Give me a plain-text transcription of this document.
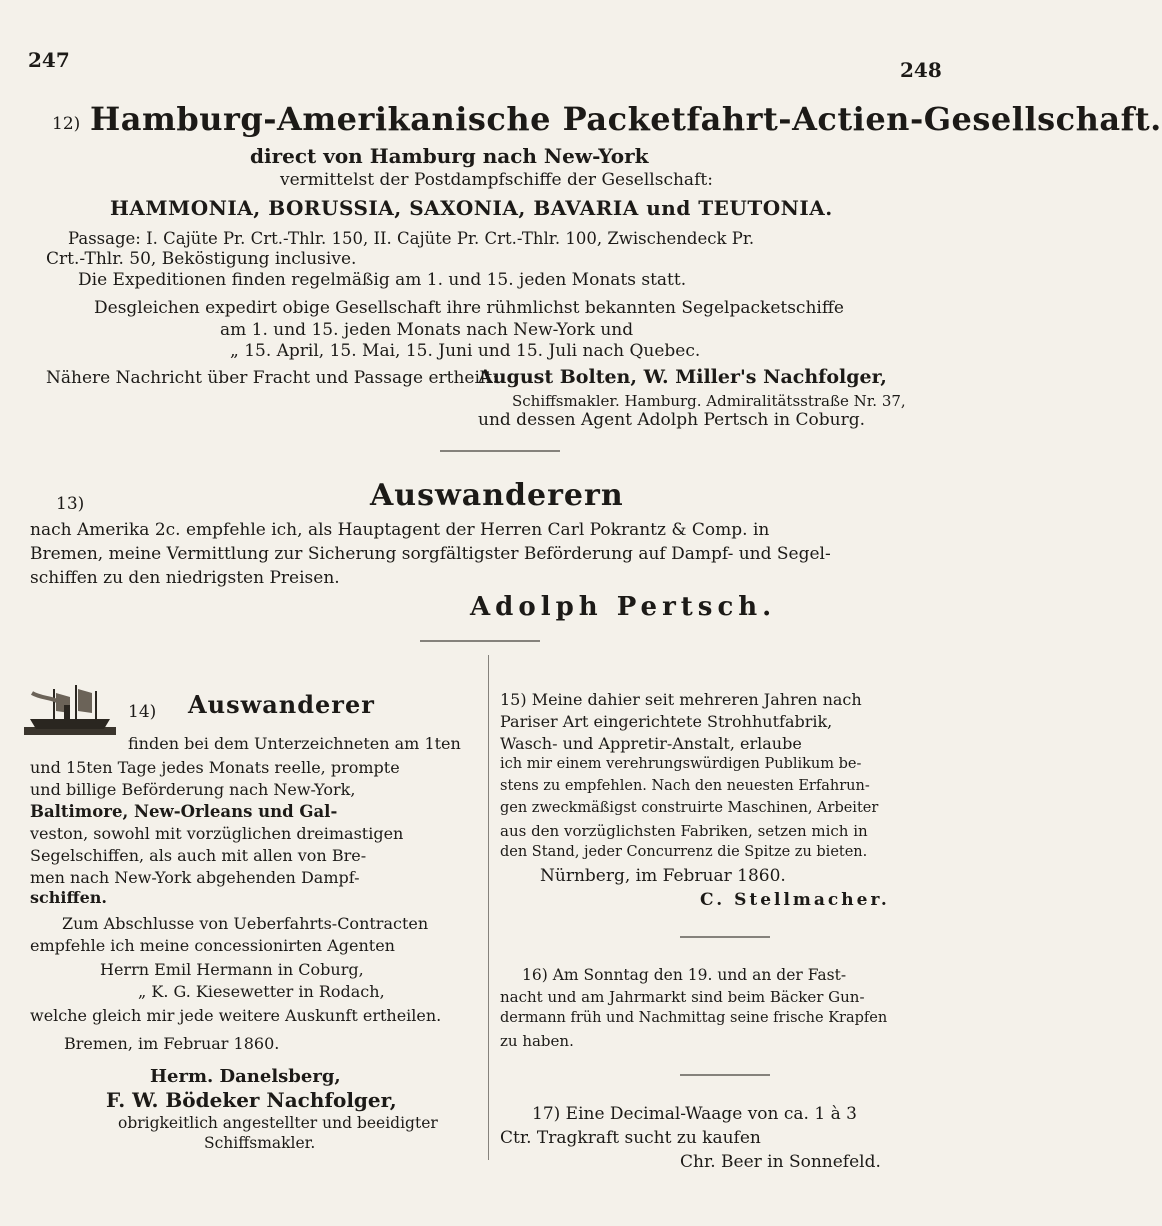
247	248
12) Hamburg-Amerikanische Packetfahrt-Actien-Gesellschaft.
direct von Hamburg nach New-York
vermittelst der Postdampfschiffe der Gesellschaft:
HAMMONIA, BORUSSIA, SAXONIA, BAVARIA und TEUTONIA.
Passage: I. Cajüte Pr. Crt.-Thlr. 150, II. Cajüte Pr. Crt.-Thlr. 100, Zwischendeck Pr.
Crt.-Thlr. 50, Beköstigung inclusive.
Die Expeditionen finden regelmäßig am 1. und 15. jeden Monats statt.
Desgleichen expedirt obige Gesellschaft ihre rühmlichst bekannten Segelpacketschiffe
am 1. und 15. jeden Monats nach New-York und
„ 15. April, 15. Mai, 15. Juni und 15. Juli nach Quebec.
Nähere Nachricht über Fracht und Passage ertheilt:
August Bolten, W. Miller's Nachfolger,
Schiffsmakler. Hamburg. Admiralitätsstraße Nr. 37,
und dessen Agent Adolph Pertsch in Coburg.
13)	Auswanderern
nach Amerika 2c. empfehle ich, als Hauptagent der Herren Carl Pokrantz & Comp. in
Bremen, meine Vermittlung zur Sicherung sorgfältigster Beförderung auf Dampf- und Segel-
schiffen zu den niedrigsten Preisen.
Adolph Pertsch.
14) Auswanderer
finden bei dem Unterzeichneten am 1ten
und 15ten Tage jedes Monats reelle, prompte
und billige Beförderung nach New-York,
Baltimore, New-Orleans und Gal-
veston, sowohl mit vorzüglichen dreimastigen
Segelschiffen, als auch mit allen von Bre-
men nach New-York abgehenden Dampf-
schiffen.
Zum Abschlusse von Ueberfahrts-Contracten
empfehle ich meine concessionirten Agenten
Herrn Emil Hermann in Coburg,
„ K. G. Kiesewetter in Rodach,
welche gleich mir jede weitere Auskunft ertheilen.
Bremen, im Februar 1860.
Herm. Danelsberg,
F. W. Bödeker Nachfolger,
obrigkeitlich angestellter und beeidigter
Schiffsmakler.
15) Meine dahier seit mehreren Jahren nach
Pariser Art eingerichtete Strohhutfabrik,
Wasch- und Appretir-Anstalt, erlaube
ich mir einem verehrungswürdigen Publikum be-
stens zu empfehlen. Nach den neuesten Erfahrun-
gen zweckmäßigst construirte Maschinen, Arbeiter
aus den vorzüglichsten Fabriken, setzen mich in
den Stand, jeder Concurrenz die Spitze zu bieten.
Nürnberg, im Februar 1860.
C. Stellmacher.
16) Am Sonntag den 19. und an der Fast-
nacht und am Jahrmarkt sind beim Bäcker Gun-
dermann früh und Nachmittag seine frische Krapfen
zu haben.
17) Eine Decimal-Waage von ca. 1 à 3
Ctr. Tragkraft sucht zu kaufen
Chr. Beer in Sonnefeld.
